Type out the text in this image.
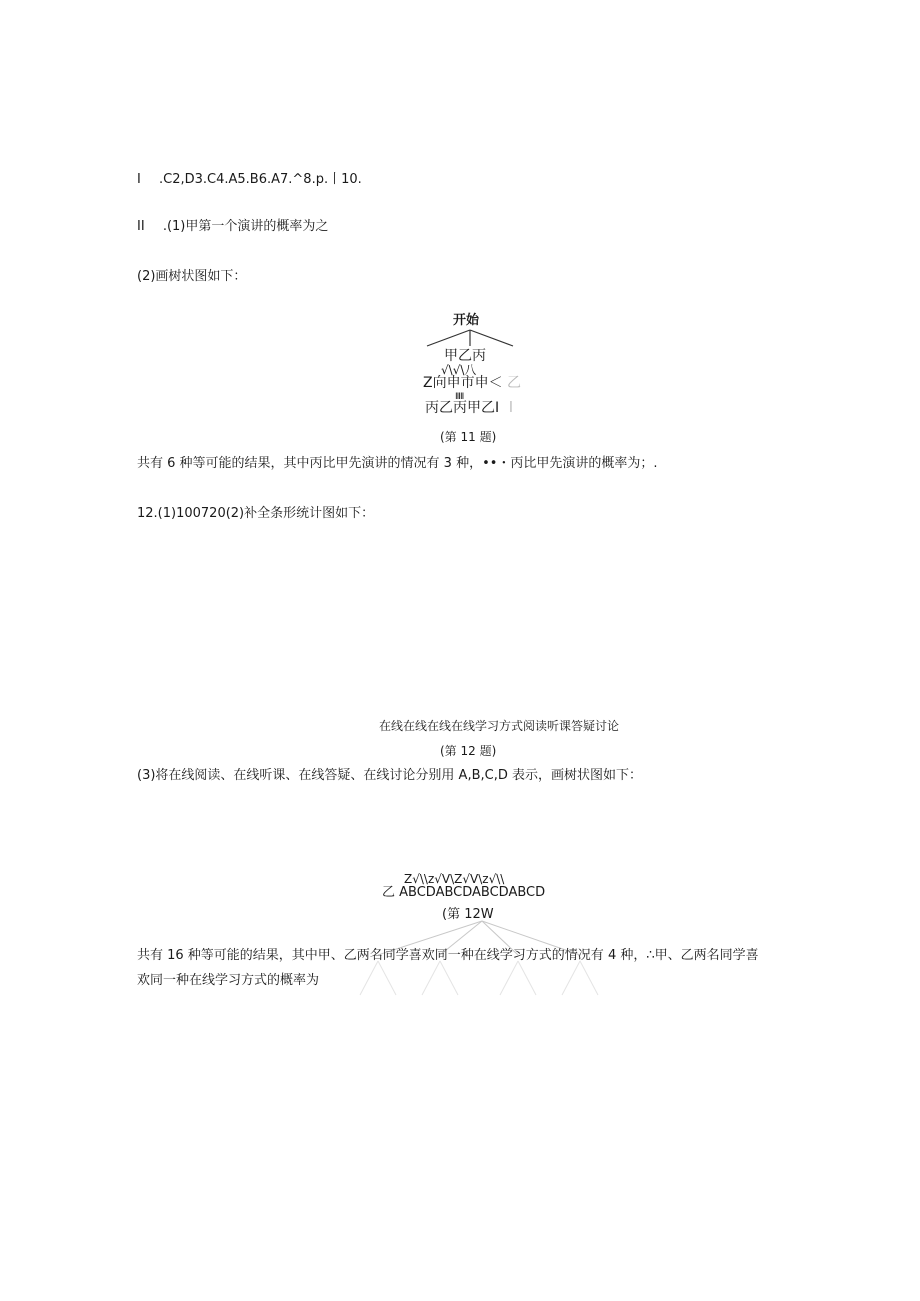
I .C2,D3.C4.A5.B6.A7.^8.p.丨10.
II .(1)甲第一个演讲的概率为之
(2)画树状图如下：
开始
甲乙丙
√\√\八
Z向申市申＜ 乙
IIIII
丙乙丙甲乙I l
(第 11 题)
共有 6 种等可能的结果，其中丙比甲先演讲的情况有 3 种，••・丙比甲先演讲的概率为；.
12.(1)100720(2)补全条形统计图如下：
在线在线在线在线学习方式阅读听课答疑讨论
(第 12 题)
(3)将在线阅读、在线听课、在线答疑、在线讨论分别用 A,B,C,D 表示，画树状图如下：
Z√\\z√V\Z√V\z√\\
乙 ABCDABCDABCDABCD
(第 12W
共有 16 种等可能的结果，其中甲、乙两名同学喜欢同一种在线学习方式的情况有 4 种，∴甲、乙两名同学喜
欢同一种在线学习方式的概率为
